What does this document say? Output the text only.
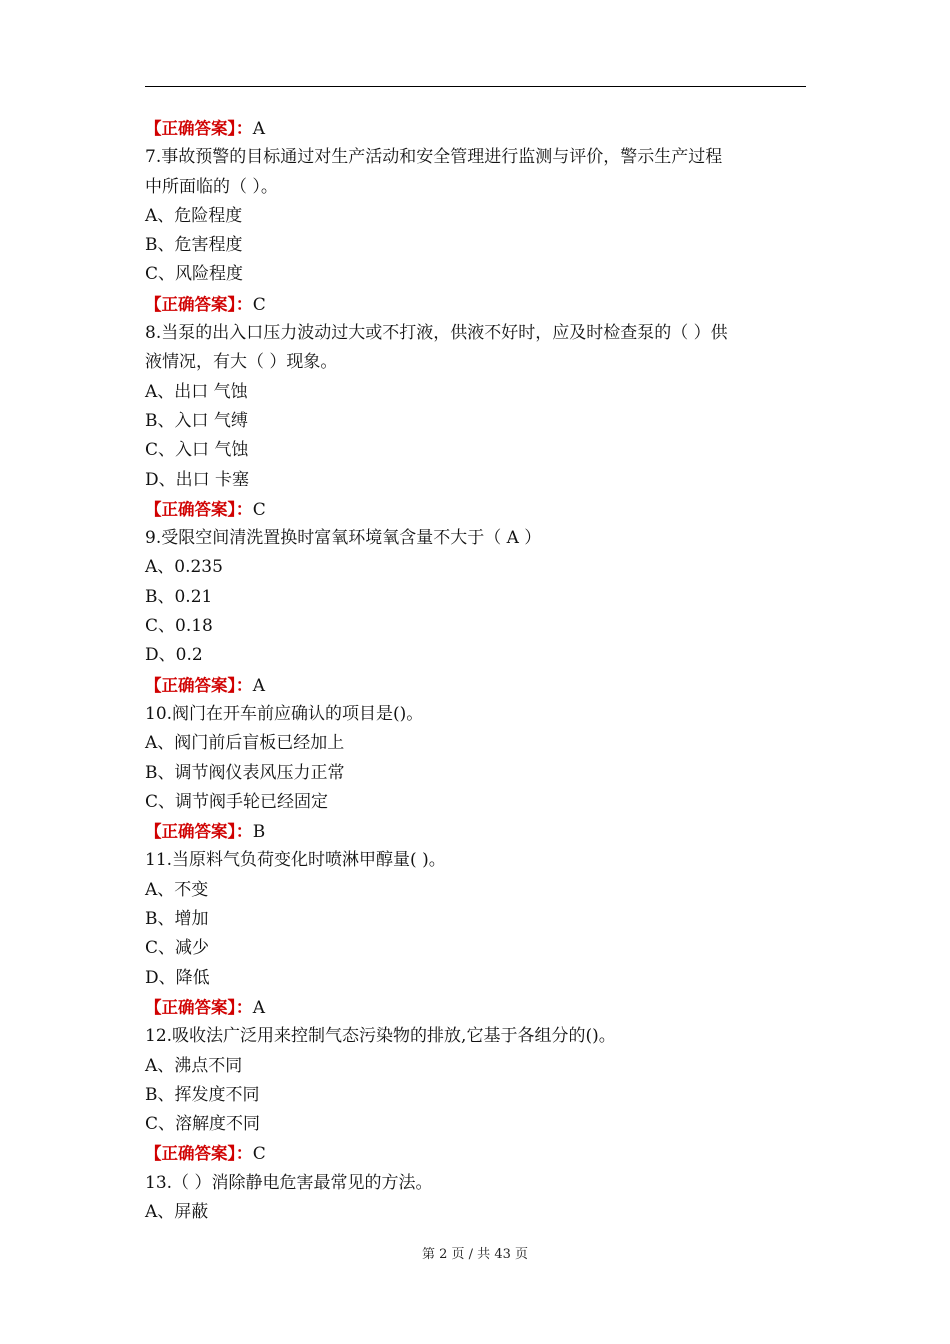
【正确答案】：A
7.事故预警的目标通过对生产活动和安全管理进行监测与评价，警示生产过程
中所面临的（ ）。
A、危险程度
B、危害程度
C、风险程度
【正确答案】：C
8.当泵的出入口压力波动过大或不打液，供液不好时，应及时检查泵的（ ）供
液情况，有大（ ）现象。
A、出口 气蚀
B、入口 气缚
C、入口 气蚀
D、出口 卡塞
【正确答案】：C
9.受限空间清洗置换时富氧环境氧含量不大于（ A ）
A、0.235
B、0.21
C、0.18
D、0.2
【正确答案】：A
10.阀门在开车前应确认的项目是()。
A、阀门前后盲板已经加上
B、调节阀仪表风压力正常
C、调节阀手轮已经固定
【正确答案】：B
11.当原料气负荷变化时喷淋甲醇量( )。
A、不变
B、增加
C、减少
D、降低
【正确答案】：A
12.吸收法广泛用来控制气态污染物的排放,它基于各组分的()。
A、沸点不同
B、挥发度不同
C、溶解度不同
【正确答案】：C
13.（ ）消除静电危害最常见的方法。
A、屏蔽
第 2 页 / 共 43 页
